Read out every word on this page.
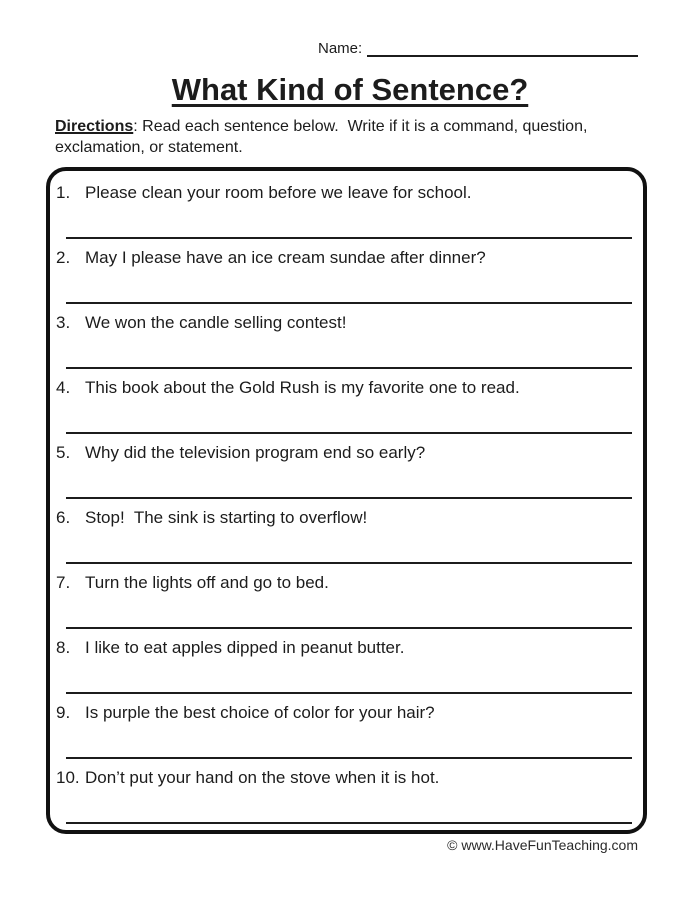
Name:
What Kind of Sentence?
Directions: Read each sentence below.  Write if it is a command, question, exclamation, or statement.
1. Please clean your room before we leave for school.
2. May I please have an ice cream sundae after dinner?
3. We won the candle selling contest!
4. This book about the Gold Rush is my favorite one to read.
5. Why did the television program end so early?
6. Stop!  The sink is starting to overflow!
7. Turn the lights off and go to bed.
8. I like to eat apples dipped in peanut butter.
9. Is purple the best choice of color for your hair?
10. Don’t put your hand on the stove when it is hot.
© www.HaveFunTeaching.com
